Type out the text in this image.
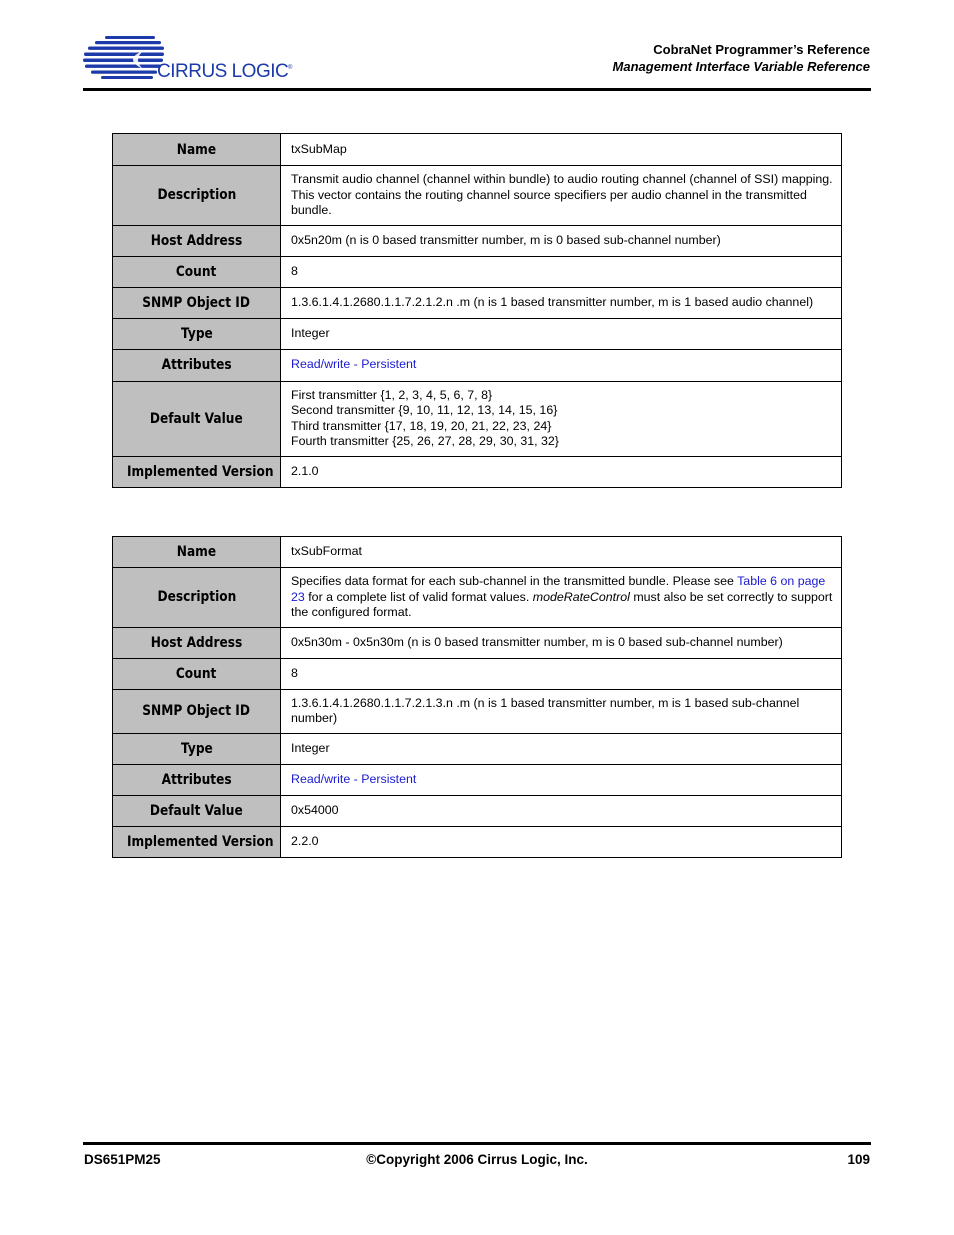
CIRRUS LOGIC ®
CobraNet Programmer’s Reference
Management Interface Variable Reference
Name	txSubMap
Description	Transmit audio channel (channel within bundle) to audio routing channel (channel of SSI) mapping. This vector contains the routing channel source specifiers per audio channel in the transmitted bundle.
Host Address	0x5n20m (n is 0 based transmitter number, m is 0 based sub-channel number)
Count	8
SNMP Object ID	1.3.6.1.4.1.2680.1.1.7.2.1.2.n .m (n is 1 based transmitter number, m is 1 based audio channel)
Type	Integer
Attributes	Read/write - Persistent
Default Value	First transmitter {1, 2, 3, 4, 5, 6, 7, 8}
Second transmitter {9, 10, 11, 12, 13, 14, 15, 16}
Third transmitter {17, 18, 19, 20, 21, 22, 23, 24}
Fourth transmitter {25, 26, 27, 28, 29, 30, 31, 32}

Implemented Version	2.1.0
Name	txSubFormat
Description	Specifies data format for each sub-channel in the transmitted bundle. Please see Table 6 on page 23 for a complete list of valid format values. modeRateControl must also be set correctly to support the configured format.
Host Address	0x5n30m - 0x5n30m (n is 0 based transmitter number, m is 0 based sub-channel number)
Count	8
SNMP Object ID	1.3.6.1.4.1.2680.1.1.7.2.1.3.n .m (n is 1 based transmitter number, m is 1 based sub-channel number)
Type	Integer
Attributes	Read/write - Persistent
Default Value	0x54000
Implemented Version	2.2.0
DS651PM25	©Copyright 2006 Cirrus Logic, Inc.	109
